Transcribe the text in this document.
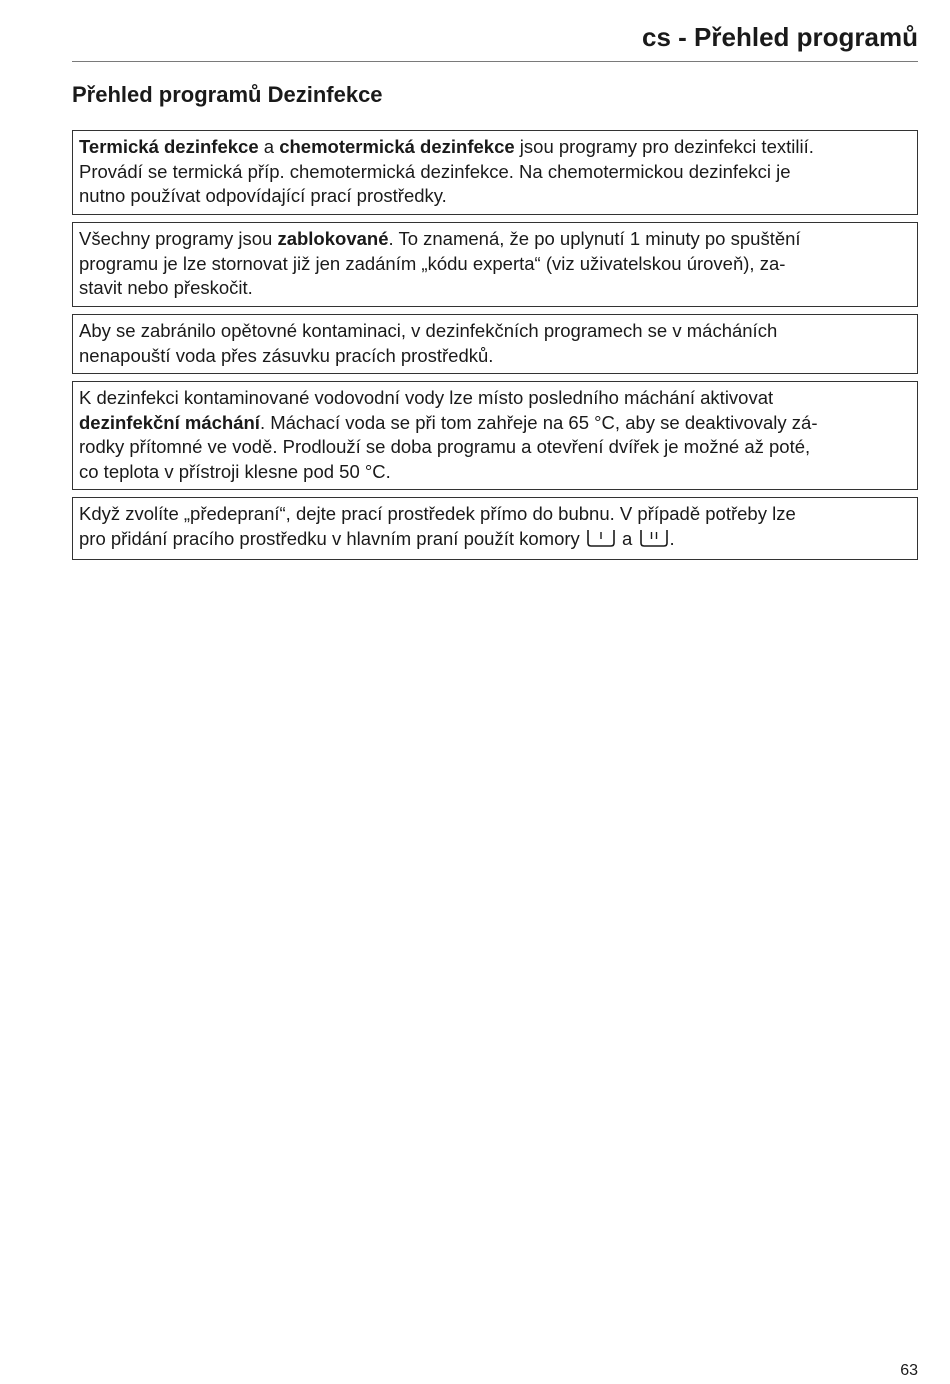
cs - Přehled programů
Přehled programů Dezinfekce

Termická dezinfekce a chemotermická dezinfekce jsou programy pro dezinfekci textilií.
Provádí se termická příp. chemotermická dezinfekce. Na chemotermickou dezinfekci je
nutno používat odpovídající prací prostředky.

Všechny programy jsou zablokované. To znamená, že po uplynutí 1 minuty po spuštění
programu je lze stornovat již jen zadáním „kódu experta“ (viz uživatelskou úroveň), za-
stavit nebo přeskočit.

Aby se zabránilo opětovné kontaminaci, v dezinfekčních programech se v mácháních
nenapouští voda přes zásuvku pracích prostředků.

K dezinfekci kontaminované vodovodní vody lze místo posledního máchání aktivovat
dezinfekční máchání. Máchací voda se při tom zahřeje na 65 °C, aby se deaktivovaly zá-
rodky přítomné ve vodě. Prodlouží se doba programu a otevření dvířek je možné až poté,
co teplota v přístroji klesne pod 50 °C.

Když zvolíte „předepraní“, dejte prací prostředek přímo do bubnu. V případě potřeby lze
pro přidání pracího prostředku v hlavním praní použít komory  a .

63
